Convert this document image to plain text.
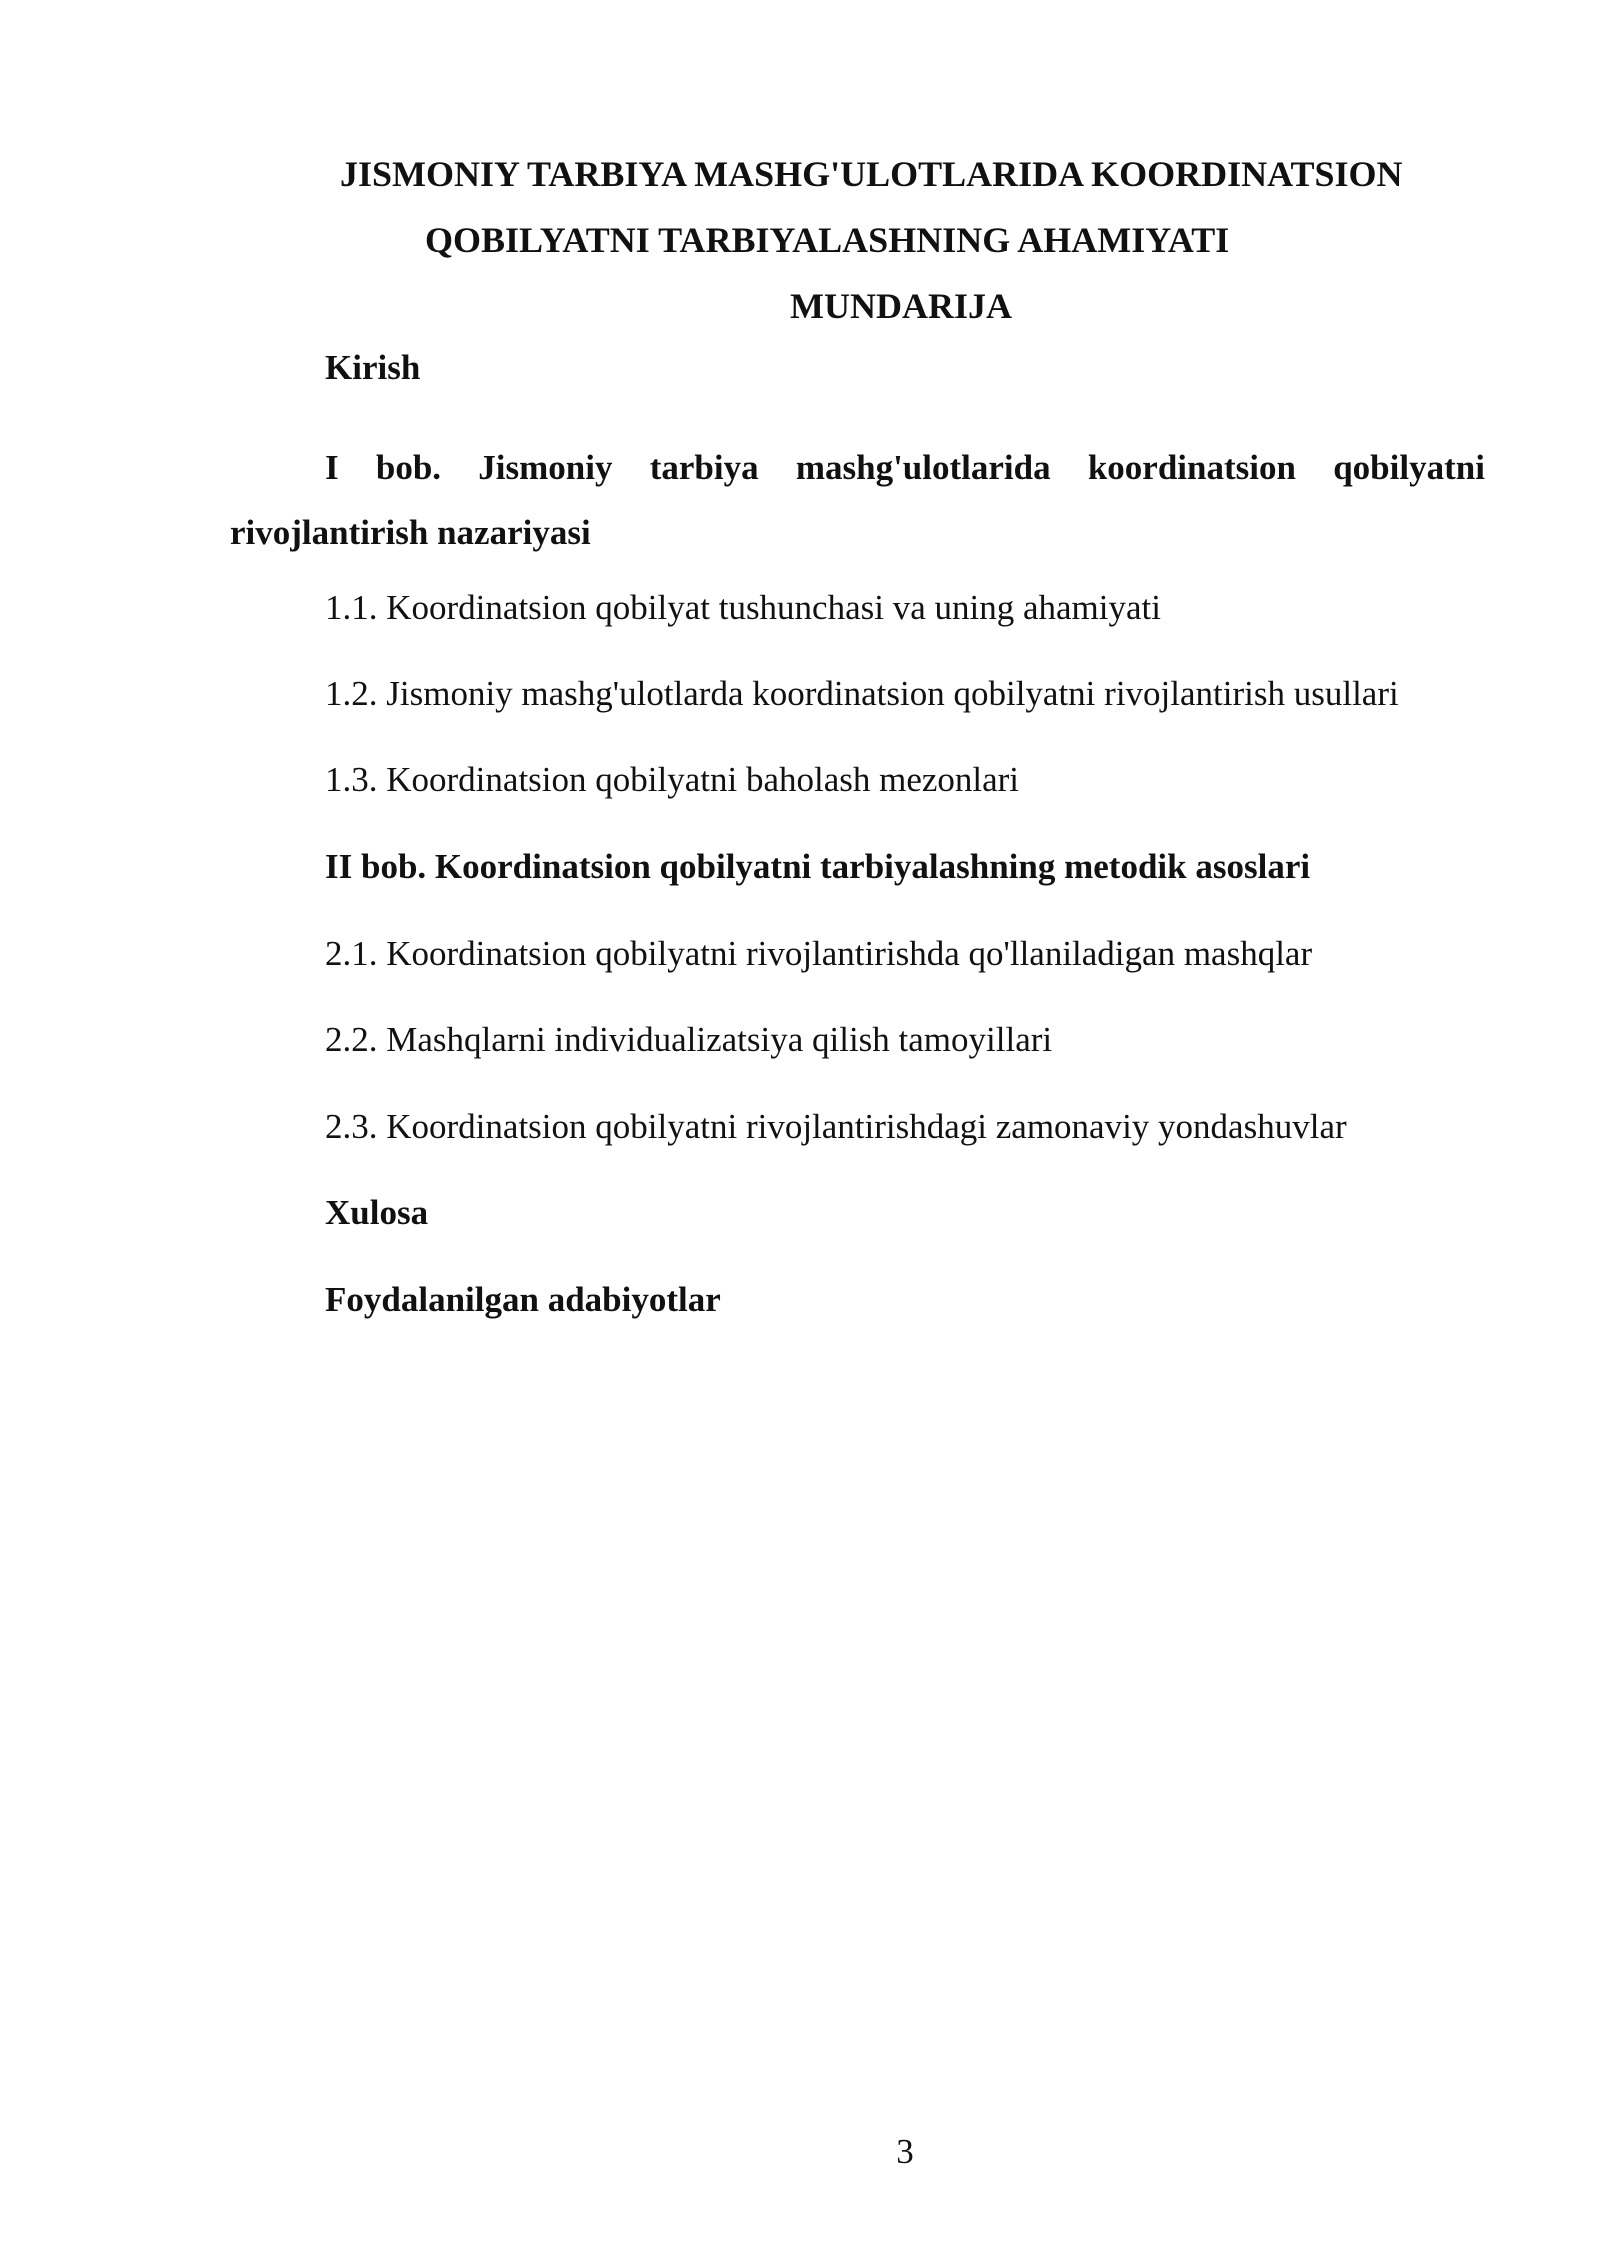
JISMONIY TARBIYA MASHG'ULOTLARIDA KOORDINATSION
QOBILYATNI TARBIYALASHNING AHAMIYATI
MUNDARIJA
Kirish
I bob. Jismoniy tarbiya mashg'ulotlarida koordinatsion qobilyatni
rivojlantirish nazariyasi
1.1. Koordinatsion qobilyat tushunchasi va uning ahamiyati
1.2. Jismoniy mashg'ulotlarda koordinatsion qobilyatni rivojlantirish usullari
1.3. Koordinatsion qobilyatni baholash mezonlari
II bob. Koordinatsion qobilyatni tarbiyalashning metodik asoslari
2.1. Koordinatsion qobilyatni rivojlantirishda qo'llaniladigan mashqlar
2.2. Mashqlarni individualizatsiya qilish tamoyillari
2.3. Koordinatsion qobilyatni rivojlantirishdagi zamonaviy yondashuvlar
Xulosa
Foydalanilgan adabiyotlar
3
